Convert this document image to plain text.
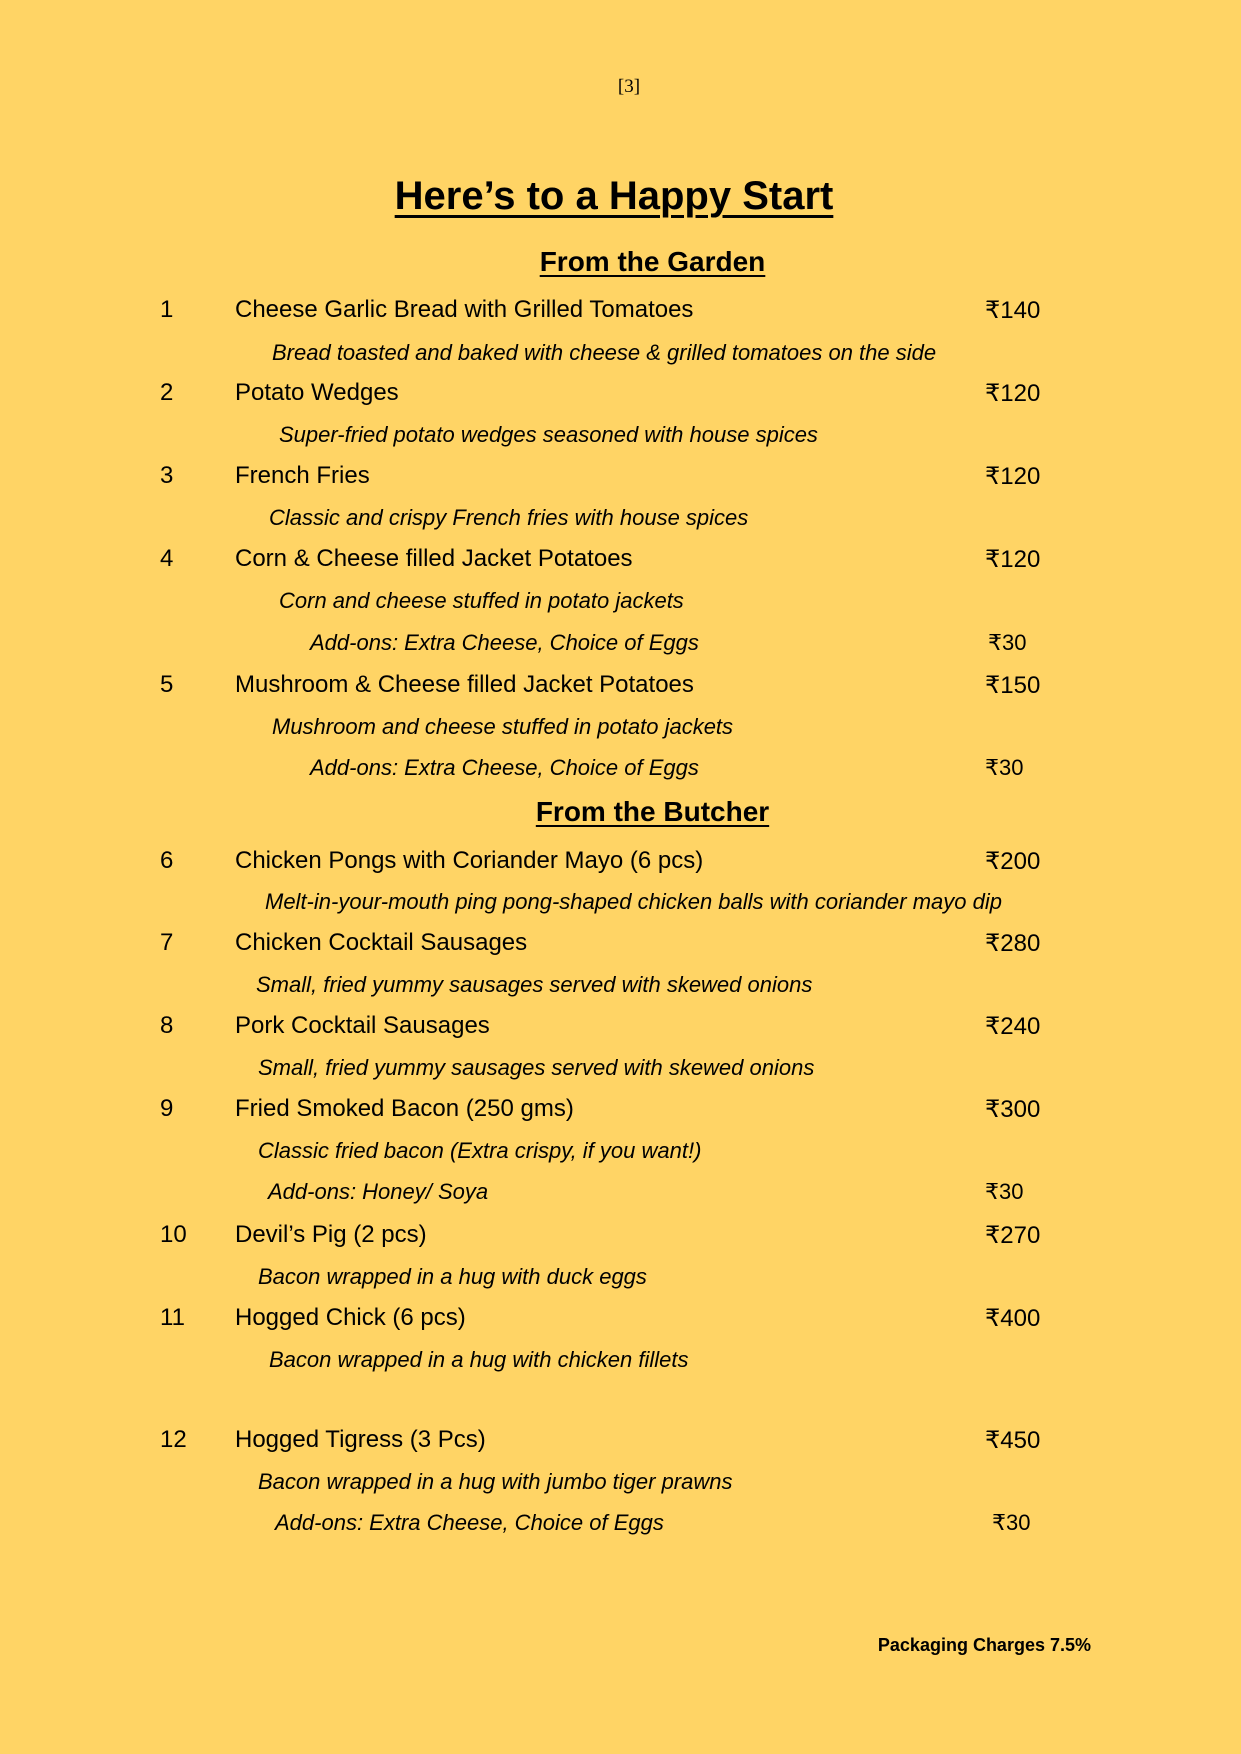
[3]
Here’s to a Happy Start
From the Garden
1	Cheese Garlic Bread with Grilled Tomatoes	₹140
Bread toasted and baked with cheese & grilled tomatoes on the side
2	Potato Wedges	₹120
Super-fried potato wedges seasoned with house spices
3	French Fries	₹120
Classic and crispy French fries with house spices
4	Corn & Cheese filled Jacket Potatoes	₹120
Corn and cheese stuffed in potato jackets
Add-ons: Extra Cheese, Choice of Eggs	₹30
5	Mushroom & Cheese filled Jacket Potatoes	₹150
Mushroom and cheese stuffed in potato jackets
Add-ons: Extra Cheese, Choice of Eggs	₹30
From the Butcher
6	Chicken Pongs with Coriander Mayo (6 pcs)	₹200
Melt-in-your-mouth ping pong-shaped chicken balls with coriander mayo dip
7	Chicken Cocktail Sausages	₹280
Small, fried yummy sausages served with skewed onions
8	Pork Cocktail Sausages	₹240
Small, fried yummy sausages served with skewed onions
9	Fried Smoked Bacon (250 gms)	₹300
Classic fried bacon (Extra crispy, if you want!)
Add-ons: Honey/ Soya	₹30
10 Devil’s Pig (2 pcs)	₹270
Bacon wrapped in a hug with duck eggs
11 Hogged Chick (6 pcs)	₹400
Bacon wrapped in a hug with chicken fillets
12 Hogged Tigress (3 Pcs)	₹450
Bacon wrapped in a hug with jumbo tiger prawns
Add-ons: Extra Cheese, Choice of Eggs	₹30
Packaging Charges 7.5%
